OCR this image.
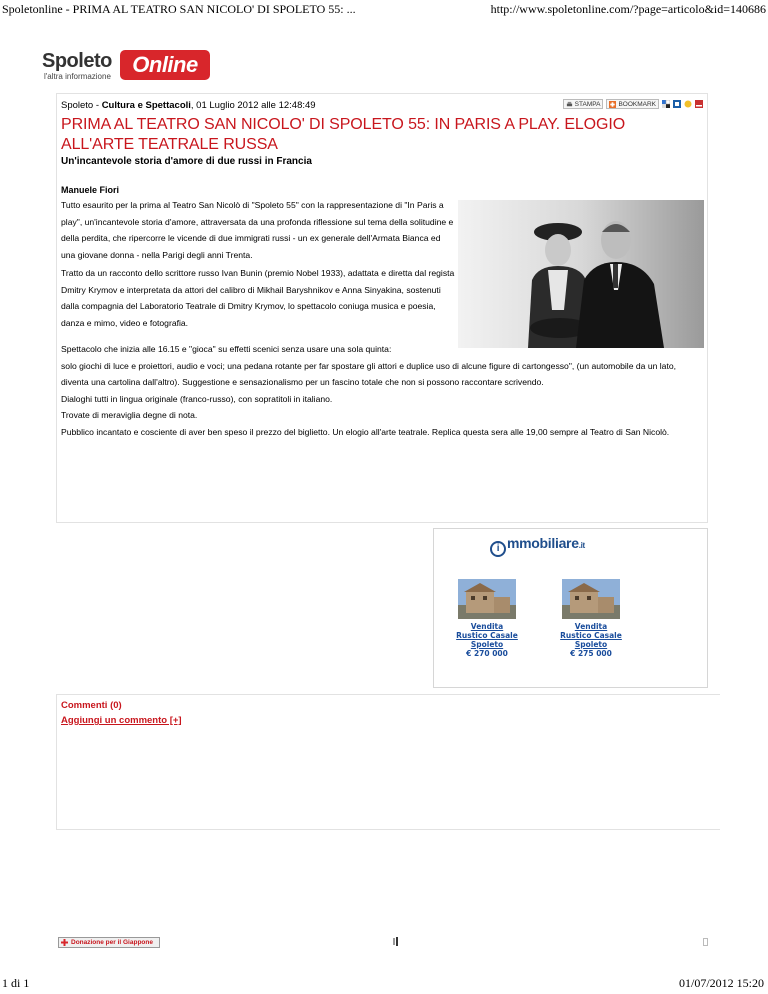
Spoletonline - PRIMA AL TEATRO SAN NICOLO' DI SPOLETO 55: ...	http://www.spoletonline.com/?page=articolo&id=140686
Spoleto Online
l'altra informazione
Spoleto - Cultura e Spettacoli, 01 Luglio 2012 alle 12:48:49	STAMPA	BOOKMARK
PRIMA AL TEATRO SAN NICOLO' DI SPOLETO 55: IN PARIS A PLAY. ELOGIO ALL'ARTE TEATRALE RUSSA
Un'incantevole storia d'amore di due russi in Francia
Manuele Fiori

Tutto esaurito per la prima al Teatro San Nicolò di "Spoleto 55" con la rappresentazione di "In Paris a play", un'incantevole storia d'amore, attraversata da una profonda riflessione sul tema della solitudine e della perdita, che ripercorre le vicende di due immigrati russi - un ex generale dell'Armata Bianca ed una giovane donna - nella Parigi degli anni Trenta.

Tratto da un racconto dello scrittore russo Ivan Bunin (premio Nobel 1933), adattata e diretta dal regista Dmitry Krymov e interpretata da attori del calibro di Mikhail Baryshnikov e Anna Sinyakina, sostenuti dalla compagnia del Laboratorio Teatrale di Dmitry Krymov, lo spettacolo coniuga musica e poesia, danza e mimo, video e fotografia.

Spettacolo che inizia alle 16.15 e "gioca" su effetti scenici senza usare una sola quinta:
solo giochi di luce e proiettori, audio e voci; una pedana rotante per far spostare gli attori e duplice uso di alcune figure di cartongesso", (un automobile da un lato, diventa una cartolina dall'altro). Suggestione e sensazionalismo per un fascino totale che non si possono raccontare scrivendo.
Dialoghi tutti in lingua originale (franco-russo), con sopratitoli in italiano.
Trovate di meraviglia degne di nota.
Pubblico incantato e cosciente di aver ben speso il prezzo del biglietto. Un elogio all'arte teatrale. Replica questa sera alle 19,00 sempre al Teatro di San Nicolò.
i mmobiliare.it
Vendita
Rustico Casale
Spoleto
€ 270 000
Vendita
Rustico Casale
Spoleto
€ 275 000
Commenti (0)
Aggiungi un commento [+]
Donazione per il Giappone
1 di 1	01/07/2012 15:20
